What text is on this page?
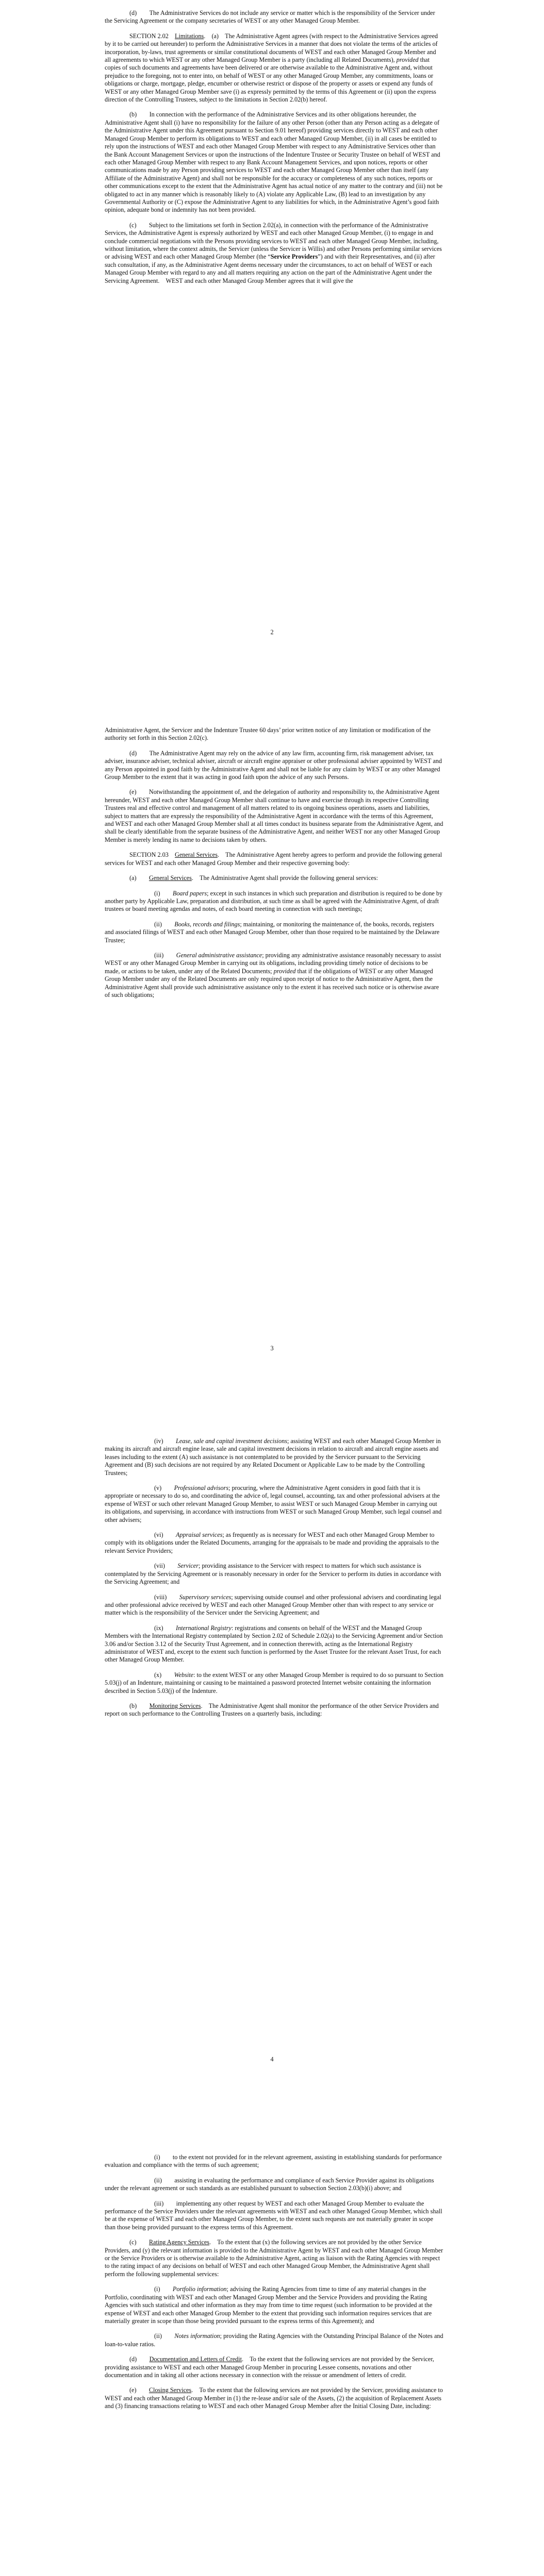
(d)  The Administrative Services do not include any service or matter which is the responsibility of the Servicer under the Servicing Agreement or the company secretaries of WEST or any other Managed Group Member.

SECTION 2.02 Limitations. (a) The Administrative Agent agrees (with respect to the Administrative Services agreed by it to be carried out hereunder) to perform the Administrative Services in a manner that does not violate the terms of the articles of incorporation, by-laws, trust agreements or similar constitutional documents of WEST and each other Managed Group Member and all agreements to which WEST or any other Managed Group Member is a party (including all Related Documents), provided that copies of such documents and agreements have been delivered or are otherwise available to the Administrative Agent and, without prejudice to the foregoing, not to enter into, on behalf of WEST or any other Managed Group Member, any commitments, loans or obligations or charge, mortgage, pledge, encumber or otherwise restrict or dispose of the property or assets or expend any funds of WEST or any other Managed Group Member save (i) as expressly permitted by the terms of this Agreement or (ii) upon the express direction of the Controlling Trustees, subject to the limitations in Section 2.02(b) hereof.

(b)  In connection with the performance of the Administrative Services and its other obligations hereunder, the Administrative Agent shall (i) have no responsibility for the failure of any other Person (other than any Person acting as a delegate of the Administrative Agent under this Agreement pursuant to Section 9.01 hereof) providing services directly to WEST and each other Managed Group Member to perform its obligations to WEST and each other Managed Group Member, (ii) in all cases be entitled to rely upon the instructions of WEST and each other Managed Group Member with respect to any Administrative Services other than the Bank Account Management Services or upon the instructions of the Indenture Trustee or Security Trustee on behalf of WEST and each other Managed Group Member with respect to any Bank Account Management Services, and upon notices, reports or other communications made by any Person providing services to WEST and each other Managed Group Member other than itself (any Affiliate of the Administrative Agent) and shall not be responsible for the accuracy or completeness of any such notices, reports or other communications except to the extent that the Administrative Agent has actual notice of any matter to the contrary and (iii) not be obligated to act in any manner which is reasonably likely to (A) violate any Applicable Law, (B) lead to an investigation by any Governmental Authority or (C) expose the Administrative Agent to any liabilities for which, in the Administrative Agent’s good faith opinion, adequate bond or indemnity has not been provided.

(c)  Subject to the limitations set forth in Section 2.02(a), in connection with the performance of the Administrative Services, the Administrative Agent is expressly authorized by WEST and each other Managed Group Member, (i) to engage in and conclude commercial negotiations with the Persons providing services to WEST and each other Managed Group Member, including, without limitation, where the context admits, the Servicer (unless the Servicer is Willis) and other Persons performing similar services or advising WEST and each other Managed Group Member (the “Service Providers”) and with their Representatives, and (ii) after such consultation, if any, as the Administrative Agent deems necessary under the circumstances, to act on behalf of WEST or each Managed Group Member with regard to any and all matters requiring any action on the part of the Administrative Agent under the Servicing Agreement. WEST and each other Managed Group Member agrees that it will give the

2

Administrative Agent, the Servicer and the Indenture Trustee 60 days’ prior written notice of any limitation or modification of the authority set forth in this Section 2.02(c).

(d)  The Administrative Agent may rely on the advice of any law firm, accounting firm, risk management adviser, tax adviser, insurance adviser, technical adviser, aircraft or aircraft engine appraiser or other professional adviser appointed by WEST and any Person appointed in good faith by the Administrative Agent and shall not be liable for any claim by WEST or any other Managed Group Member to the extent that it was acting in good faith upon the advice of any such Persons.

(e)  Notwithstanding the appointment of, and the delegation of authority and responsibility to, the Administrative Agent hereunder, WEST and each other Managed Group Member shall continue to have and exercise through its respective Controlling Trustees real and effective control and management of all matters related to its ongoing business operations, assets and liabilities, subject to matters that are expressly the responsibility of the Administrative Agent in accordance with the terms of this Agreement, and WEST and each other Managed Group Member shall at all times conduct its business separate from the Administrative Agent, and shall be clearly identifiable from the separate business of the Administrative Agent, and neither WEST nor any other Managed Group Member is merely lending its name to decisions taken by others.

SECTION 2.03 General Services. The Administrative Agent hereby agrees to perform and provide the following general services for WEST and each other Managed Group Member and their respective governing body:

(a)  General Services. The Administrative Agent shall provide the following general services:

(i)  Board papers; except in such instances in which such preparation and distribution is required to be done by another party by Applicable Law, preparation and distribution, at such time as shall be agreed with the Administrative Agent, of draft trustees or board meeting agendas and notes, of each board meeting in connection with such meetings;

(ii)  Books, records and filings; maintaining, or monitoring the maintenance of, the books, records, registers and associated filings of WEST and each other Managed Group Member, other than those required to be maintained by the Delaware Trustee;

(iii)  General administrative assistance; providing any administrative assistance reasonably necessary to assist WEST or any other Managed Group Member in carrying out its obligations, including providing timely notice of decisions to be made, or actions to be taken, under any of the Related Documents; provided that if the obligations of WEST or any other Managed Group Member under any of the Related Documents are only required upon receipt of notice to the Administrative Agent, then the Administrative Agent shall provide such administrative assistance only to the extent it has received such notice or is otherwise aware of such obligations;

3

(iv)  Lease, sale and capital investment decisions; assisting WEST and each other Managed Group Member in making its aircraft and aircraft engine lease, sale and capital investment decisions in relation to aircraft and aircraft engine assets and leases including to the extent (A) such assistance is not contemplated to be provided by the Servicer pursuant to the Servicing Agreement and (B) such decisions are not required by any Related Document or Applicable Law to be made by the Controlling Trustees;

(v)  Professional advisors; procuring, where the Administrative Agent considers in good faith that it is appropriate or necessary to do so, and coordinating the advice of, legal counsel, accounting, tax and other professional advisers at the expense of WEST or such other relevant Managed Group Member, to assist WEST or such Managed Group Member in carrying out its obligations, and supervising, in accordance with instructions from WEST or such Managed Group Member, such legal counsel and other advisers;

(vi)  Appraisal services; as frequently as is necessary for WEST and each other Managed Group Member to comply with its obligations under the Related Documents, arranging for the appraisals to be made and providing the appraisals to the relevant Service Providers;

(vii)  Servicer; providing assistance to the Servicer with respect to matters for which such assistance is contemplated by the Servicing Agreement or is reasonably necessary in order for the Servicer to perform its duties in accordance with the Servicing Agreement; and

(viii)  Supervisory services; supervising outside counsel and other professional advisers and coordinating legal and other professional advice received by WEST and each other Managed Group Member other than with respect to any service or matter which is the responsibility of the Servicer under the Servicing Agreement; and

(ix)  International Registry: registrations and consents on behalf of the WEST and the Managed Group Members with the International Registry contemplated by Section 2.02 of Schedule 2.02(a) to the Servicing Agreement and/or Section 3.06 and/or Section 3.12 of the Security Trust Agreement, and in connection therewith, acting as the International Registry administrator of WEST and, except to the extent such function is performed by the Asset Trustee for the relevant Asset Trust, for each other Managed Group Member.

(x)  Website: to the extent WEST or any other Managed Group Member is required to do so pursuant to Section 5.03(j) of an Indenture, maintaining or causing to be maintained a password protected Internet website containing the information described in Section 5.03(j) of the Indenture.

(b)  Monitoring Services. The Administrative Agent shall monitor the performance of the other Service Providers and report on such performance to the Controlling Trustees on a quarterly basis, including:

4

(i)  to the extent not provided for in the relevant agreement, assisting in establishing standards for performance evaluation and compliance with the terms of such agreement;

(ii)  assisting in evaluating the performance and compliance of each Service Provider against its obligations under the relevant agreement or such standards as are established pursuant to subsection Section 2.03(b)(i) above; and

(iii)  implementing any other request by WEST and each other Managed Group Member to evaluate the performance of the Service Providers under the relevant agreements with WEST and each other Managed Group Member, which shall be at the expense of WEST and each other Managed Group Member, to the extent such requests are not materially greater in scope than those being provided pursuant to the express terms of this Agreement.

(c)  Rating Agency Services. To the extent that (x) the following services are not provided by the other Service Providers, and (y) the relevant information is provided to the Administrative Agent by WEST and each other Managed Group Member or the Service Providers or is otherwise available to the Administrative Agent, acting as liaison with the Rating Agencies with respect to the rating impact of any decisions on behalf of WEST and each other Managed Group Member, the Administrative Agent shall perform the following supplemental services:

(i)  Portfolio information; advising the Rating Agencies from time to time of any material changes in the Portfolio, coordinating with WEST and each other Managed Group Member and the Service Providers and providing the Rating Agencies with such statistical and other information as they may from time to time request (such information to be provided at the expense of WEST and each other Managed Group Member to the extent that providing such information requires services that are materially greater in scope than those being provided pursuant to the express terms of this Agreement); and

(ii)  Notes information; providing the Rating Agencies with the Outstanding Principal Balance of the Notes and loan-to-value ratios.

(d)  Documentation and Letters of Credit. To the extent that the following services are not provided by the Servicer, providing assistance to WEST and each other Managed Group Member in procuring Lessee consents, novations and other documentation and in taking all other actions necessary in connection with the reissue or amendment of letters of credit.

(e)  Closing Services. To the extent that the following services are not provided by the Servicer, providing assistance to WEST and each other Managed Group Member in (1) the re-lease and/or sale of the Assets, (2) the acquisition of Replacement Assets and (3) financing transactions relating to WEST and each other Managed Group Member after the Initial Closing Date, including:
